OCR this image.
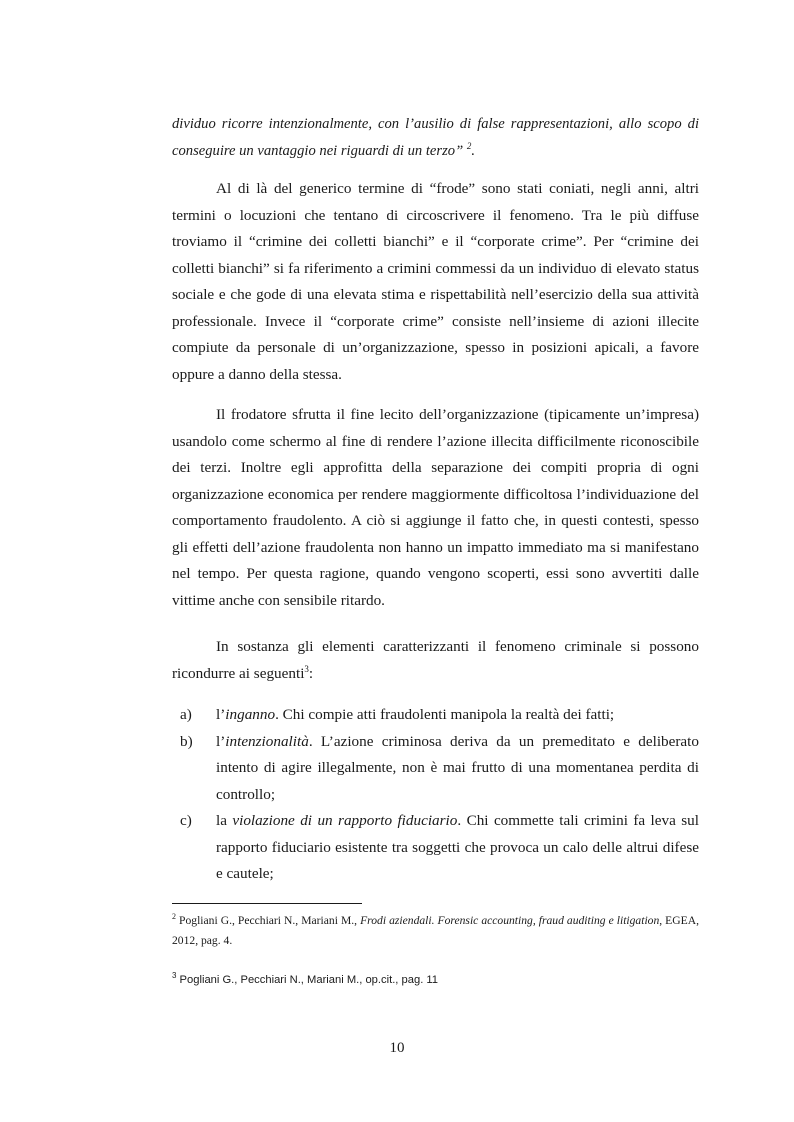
dividuo ricorre intenzionalmente, con l’ausilio di false rappresentazioni, allo scopo di conseguire un vantaggio nei riguardi di un terzo” $^2$.

Al di là del generico termine di “frode” sono stati coniati, negli anni, altri termini o locuzioni che tentano di circoscrivere il fenomeno. Tra le più diffuse troviamo il “crimine dei colletti bianchi” e il “corporate crime”. Per “crimine dei colletti bianchi” si fa riferimento a crimini commessi da un individuo di elevato status sociale e che gode di una elevata stima e rispettabilità nell’esercizio della sua attività professionale. Invece il “corporate crime” consiste nell’insieme di azioni illecite compiute da personale di un’organizzazione, spesso in posizioni apicali, a favore oppure a danno della stessa.

Il frodatore sfrutta il fine lecito dell’organizzazione (tipicamente un’impresa) usandolo come schermo al fine di rendere l’azione illecita difficilmente riconoscibile dei terzi. Inoltre egli approfitta della separazione dei compiti propria di ogni organizzazione economica per rendere maggiormente difficoltosa l’individuazione del comportamento fraudolento. A ciò si aggiunge il fatto che, in questi contesti, spesso gli effetti dell’azione fraudolenta non hanno un impatto immediato ma si manifestano nel tempo. Per questa ragione, quando vengono scoperti, essi sono avvertiti dalle vittime anche con sensibile ritardo.

In sostanza gli elementi caratterizzanti il fenomeno criminale si possono ricondurre ai seguenti$^3$:

a) l’inganno. Chi compie atti fraudolenti manipola la realtà dei fatti;
b) l’intenzionalità. L’azione criminosa deriva da un premeditato e deliberato intento di agire illegalmente, non è mai frutto di una momentanea perdita di controllo;
c) la violazione di un rapporto fiduciario. Chi commette tali crimini fa leva sul rapporto fiduciario esistente tra soggetti che provoca un calo delle altrui difese e cautele;
$^2$ Pogliani G., Pecchiari N., Mariani M., Frodi aziendali. Forensic accounting, fraud auditing e litigation, EGEA, 2012, pag. 4.
$^3$ Pogliani G., Pecchiari N., Mariani M., op.cit., pag. 11
10
